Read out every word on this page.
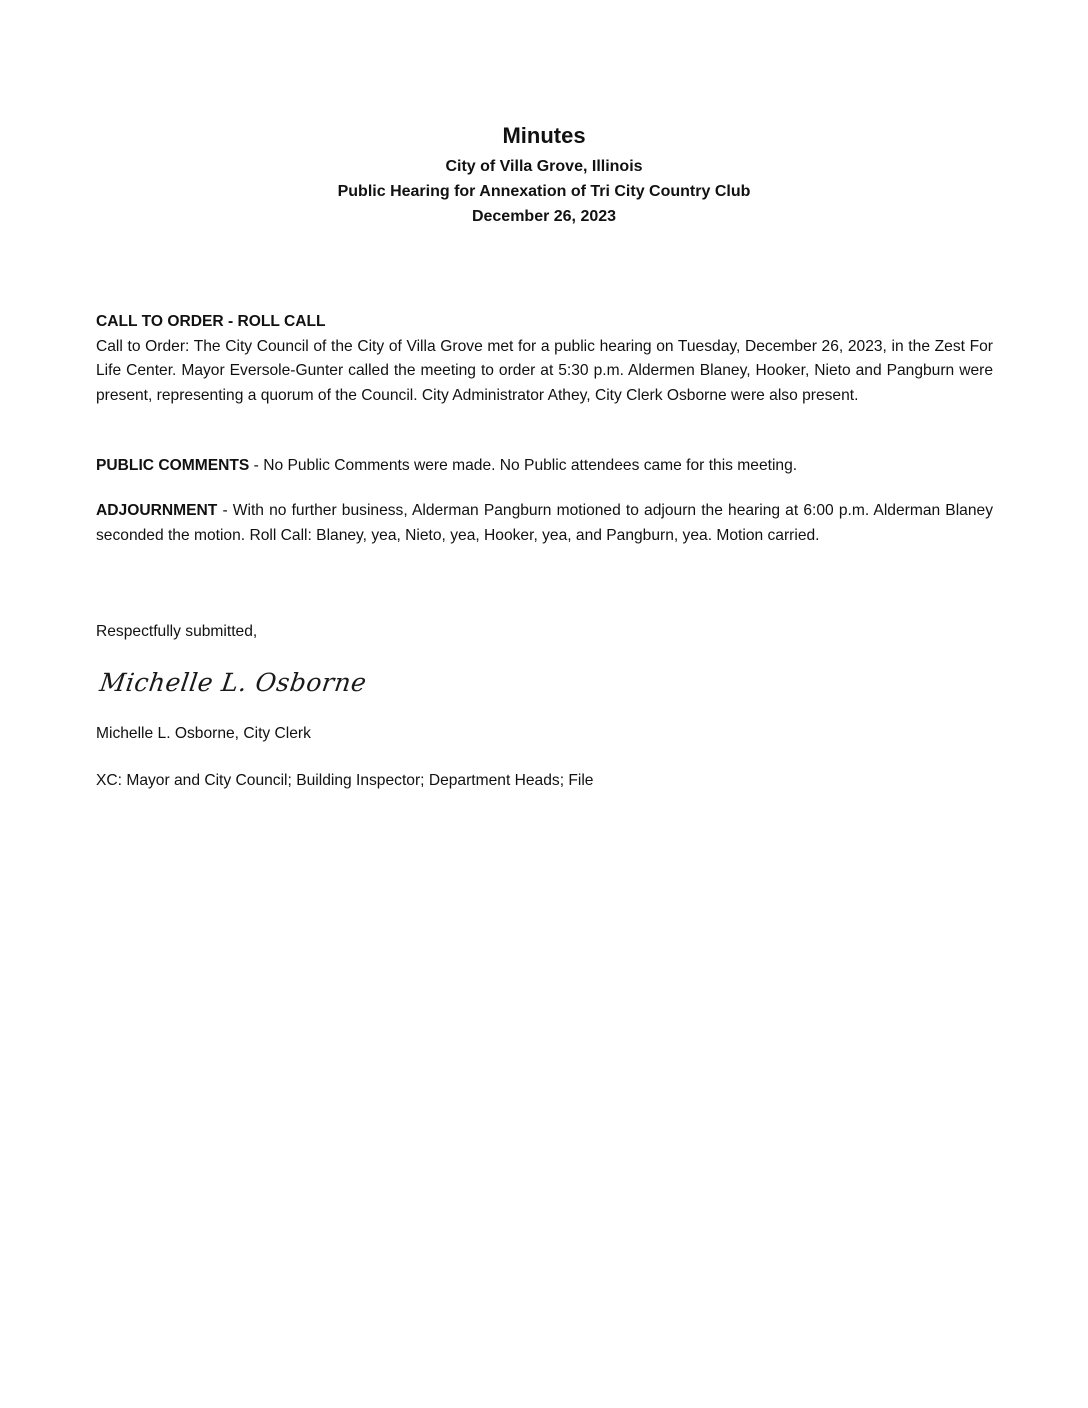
Minutes

City of Villa Grove, Illinois

Public Hearing for Annexation of Tri City Country Club

December 26, 2023

CALL TO ORDER - ROLL CALL

Call to Order: The City Council of the City of Villa Grove met for a public hearing on Tuesday, December 26, 2023, in the Zest For Life Center. Mayor Eversole-Gunter called the meeting to order at 5:30 p.m. Aldermen Blaney, Hooker, Nieto and Pangburn were present, representing a quorum of the Council. City Administrator Athey, City Clerk Osborne were also present.

PUBLIC COMMENTS - No Public Comments were made. No Public attendees came for this meeting.

ADJOURNMENT - With no further business, Alderman Pangburn motioned to adjourn the hearing at 6:00 p.m. Alderman Blaney seconded the motion. Roll Call: Blaney, yea, Nieto, yea, Hooker, yea, and Pangburn, yea. Motion carried.

Respectfully submitted,
Michelle L. Osborne
Michelle L. Osborne, City Clerk
XC: Mayor and City Council; Building Inspector; Department Heads; File
